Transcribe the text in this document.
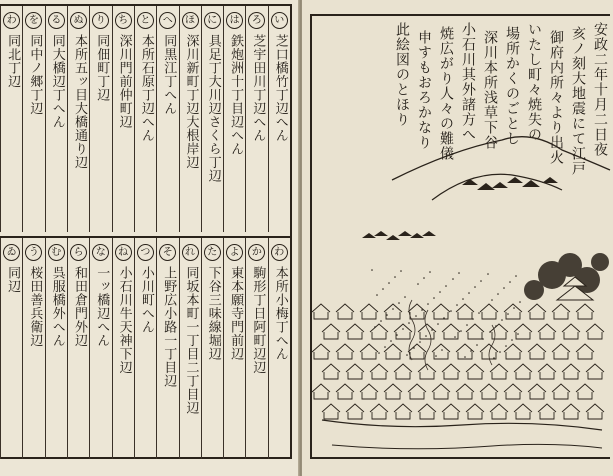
い
芝口橋竹丁辺へん
ろ
芝宇田川丁辺へん
は
鉄炮洲十丁目辺へん
に
具足丁大川辺さくら丁辺
ほ
深川新町丁辺大根岸辺
へ
同黒江丁へん
と
本所石原丁辺へん
ち
深川門前仲町辺
り
同佃町丁辺
ぬ
本所五ッ目大橋通り辺
る
同大橋辺丁へん
を
同中ノ郷丁辺
わ
同北丁辺
わ
本所小梅丁へん
か
駒形丁日阿町辺辺
よ
東本願寺門前辺
た
下谷三味線堀辺
れ
同坂本町一丁目二丁目辺
そ
上野広小路一丁目辺
つ
小川町へん
ね
小石川牛天神下辺
な
一ッ橋辺へん
ら
和田倉門外辺
む
呉服橋外へん
う
桜田善兵衛辺
ゐ
同辺
安政二年十月二日夜
亥ノ刻大地震にて江戸
御府内所々より出火
いたし町々焼失の
場所かくのごとし
深川本所浅草下谷
小石川其外諸方へ
焼広がり人々の難儀
申すもおろかなり
此絵図のとほり
